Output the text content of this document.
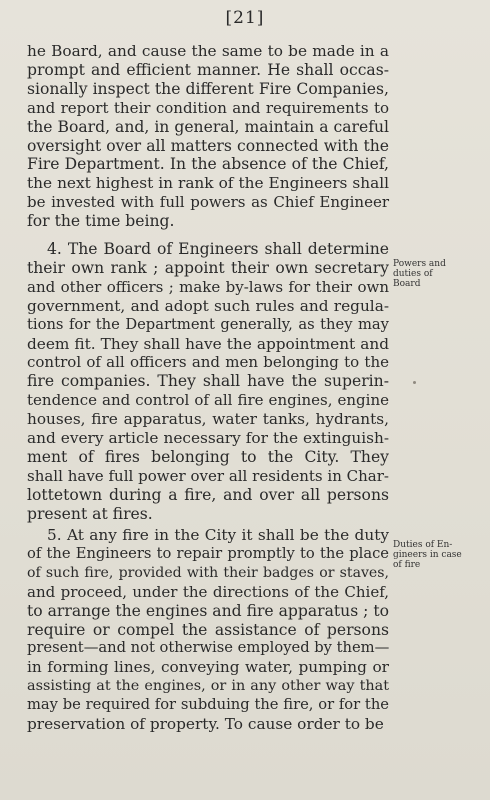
[21]
he Board, and cause the same to be made in a
prompt and efficient manner. He shall occas-
sionally inspect the different Fire Companies,
and report their condition and requirements to
the Board, and, in general, maintain a careful
oversight over all matters connected with the
Fire Department. In the absence of the Chief,
the next highest in rank of the Engineers shall
be invested with full powers as Chief Engineer
for the time being.
4. The Board of Engineers shall determine
their own rank ; appoint their own secretary
and other officers ; make by-laws for their own
government, and adopt such rules and regula-
tions for the Department generally, as they may
deem fit. They shall have the appointment and
control of all officers and men belonging to the
fire companies. They shall have the superin-
tendence and control of all fire engines, engine
houses, fire apparatus, water tanks, hydrants,
and every article necessary for the extinguish-
ment of fires belonging to the City. They
shall have full power over all residents in Char-
lottetown during a fire, and over all persons
present at fires.
Powers and
duties of
Board
5. At any fire in the City it shall be the duty
of the Engineers to repair promptly to the place
of such fire, provided with their badges or staves,
and proceed, under the directions of the Chief,
to arrange the engines and fire apparatus ; to
require or compel the assistance of persons
present—and not otherwise employed by them—
in forming lines, conveying water, pumping or
assisting at the engines, or in any other way that
may be required for subduing the fire, or for the
preservation of property. To cause order to be
Duties of En-
gineers in case
of fire
